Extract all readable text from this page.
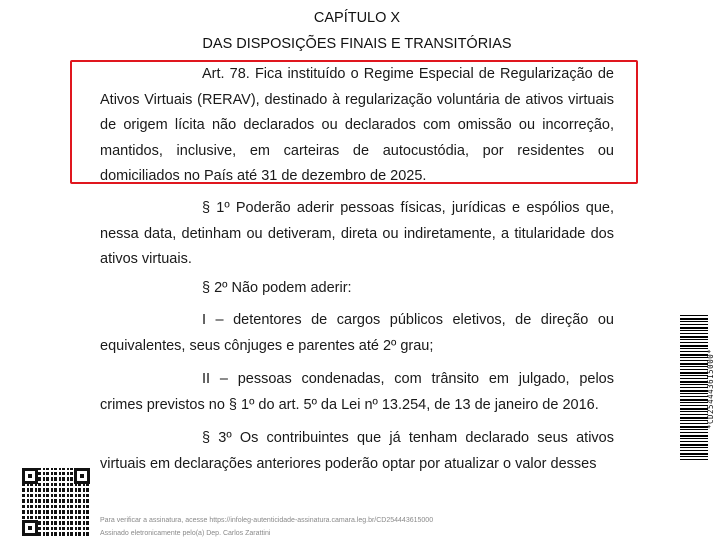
CAPÍTULO X
DAS DISPOSIÇÕES FINAIS E TRANSITÓRIAS

Art. 78. Fica instituído o Regime Especial de Regularização de Ativos Virtuais (RERAV), destinado à regularização voluntária de ativos virtuais de origem lícita não declarados ou declarados com omissão ou incorreção, mantidos, inclusive, em carteiras de autocustódia, por residentes ou domiciliados no País até 31 de dezembro de 2025.

§ 1º Poderão aderir pessoas físicas, jurídicas e espólios que, nessa data, detinham ou detiveram, direta ou indiretamente, a titularidade dos ativos virtuais.

§ 2º Não podem aderir:

I – detentores de cargos públicos eletivos, de direção ou equivalentes, seus cônjuges e parentes até 2º grau;

II – pessoas condenadas, com trânsito em julgado, pelos crimes previstos no § 1º do art. 5º da Lei nº 13.254, de 13 de janeiro de 2016.

§ 3º Os contribuintes que já tenham declarado seus ativos virtuais em declarações anteriores poderão optar por atualizar o valor desses

*CD254443615000*
Para verificar a assinatura, acesse https://infoleg-autenticidade-assinatura.camara.leg.br/CD254443615000
Assinado eletronicamente pelo(a) Dep. Carlos Zarattini
